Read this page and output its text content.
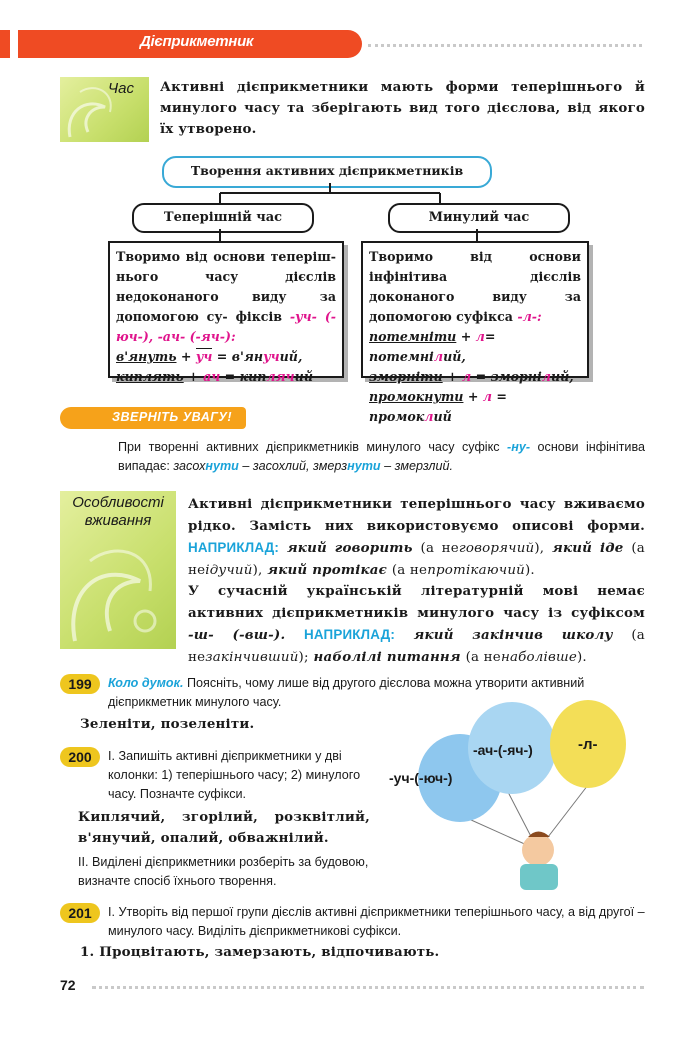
Дієприкметник
Час Активні дієприкметники мають форми теперішнього й минулого часу та зберігають вид того дієслова, від якого їх утворено.
Творення активних дієприкметників
Теперішній час	Минулий час
Творимо від основи теперіш- нього часу дієслів недоконаного виду за допомогою су- фіксів -уч- (-юч-), -ач- (-яч-):
в'януть + уч = в'янучий,
киплять + ач = киплячий
Творимо від основи інфінітива дієслів доконаного виду за допомогою суфікса -л-:
потемніти + л= потемнілий,
зморніти + л = зморнілий,
промокнути + л = промоклий
ЗВЕРНІТЬ УВАГУ!
При творенні активних дієприкметників минулого часу суфікс -ну- основи інфінітива випадає: засохнути – засохлий, змерзнути – змерзлий.
Особливості
вживання
Активні дієприкметники теперішнього часу вживаємо рідко. Замість них використовуємо описові форми. НАПРИКЛАД: який говорить (а неговорячий), який іде (а неідучий), який протікає (а непротікаючий).
У сучасній українській літературній мові немає активних дієприкметників минулого часу із суфіксом -ш- (-вш-). НАПРИКЛАД: який закінчив школу (а незакінчивший); наболілі питання (а ненаболівше).
199	Коло думок. Поясніть, чому лише від другого дієслова можна утворити активний дієприкметник минулого часу.
Зеленіти, позеленіти.
200	І. Запишіть активні дієприкметники у дві колонки: 1) теперішнього часу; 2) минулого часу. Позначте суфікси.
Киплячий, згорілий, розквітлий, в'янучий, опалий, обважнілий.
ІІ. Виділені дієприкметники розберіть за будовою, визначте спосіб їхнього творення.
-ач-(-яч-)	-л-
-уч-(-юч-)
201	І. Утворіть від першої групи дієслів активні дієприкметники теперішнього часу, а від другої – минулого часу. Виділіть дієприкметникові суфікси.
1. Процвітають, замерзають, відпочивають.
72
